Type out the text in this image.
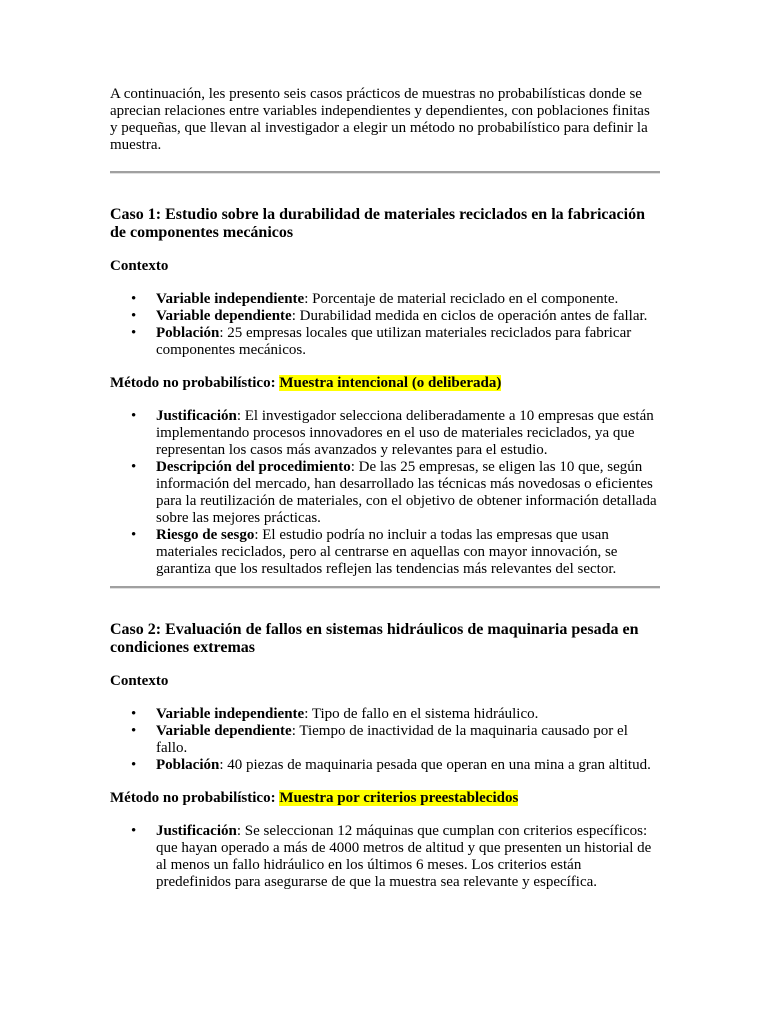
A continuación, les presento seis casos prácticos de muestras no probabilísticas donde se aprecian relaciones entre variables independientes y dependientes, con poblaciones finitas y pequeñas, que llevan al investigador a elegir un método no probabilístico para definir la muestra.

Caso 1: Estudio sobre la durabilidad de materiales reciclados en la fabricación de componentes mecánicos

Contexto

• Variable independiente: Porcentaje de material reciclado en el componente.
• Variable dependiente: Durabilidad medida en ciclos de operación antes de fallar.
• Población: 25 empresas locales que utilizan materiales reciclados para fabricar componentes mecánicos.

Método no probabilístico: Muestra intencional (o deliberada)

• Justificación: El investigador selecciona deliberadamente a 10 empresas que están implementando procesos innovadores en el uso de materiales reciclados, ya que representan los casos más avanzados y relevantes para el estudio.
• Descripción del procedimiento: De las 25 empresas, se eligen las 10 que, según información del mercado, han desarrollado las técnicas más novedosas o eficientes para la reutilización de materiales, con el objetivo de obtener información detallada sobre las mejores prácticas.
• Riesgo de sesgo: El estudio podría no incluir a todas las empresas que usan materiales reciclados, pero al centrarse en aquellas con mayor innovación, se garantiza que los resultados reflejen las tendencias más relevantes del sector.
Caso 2: Evaluación de fallos en sistemas hidráulicos de maquinaria pesada en condiciones extremas

Contexto

• Variable independiente: Tipo de fallo en el sistema hidráulico.
• Variable dependiente: Tiempo de inactividad de la maquinaria causado por el fallo.
• Población: 40 piezas de maquinaria pesada que operan en una mina a gran altitud.

Método no probabilístico: Muestra por criterios preestablecidos

• Justificación: Se seleccionan 12 máquinas que cumplan con criterios específicos: que hayan operado a más de 4000 metros de altitud y que presenten un historial de al menos un fallo hidráulico en los últimos 6 meses. Los criterios están predefinidos para asegurarse de que la muestra sea relevante y específica.
